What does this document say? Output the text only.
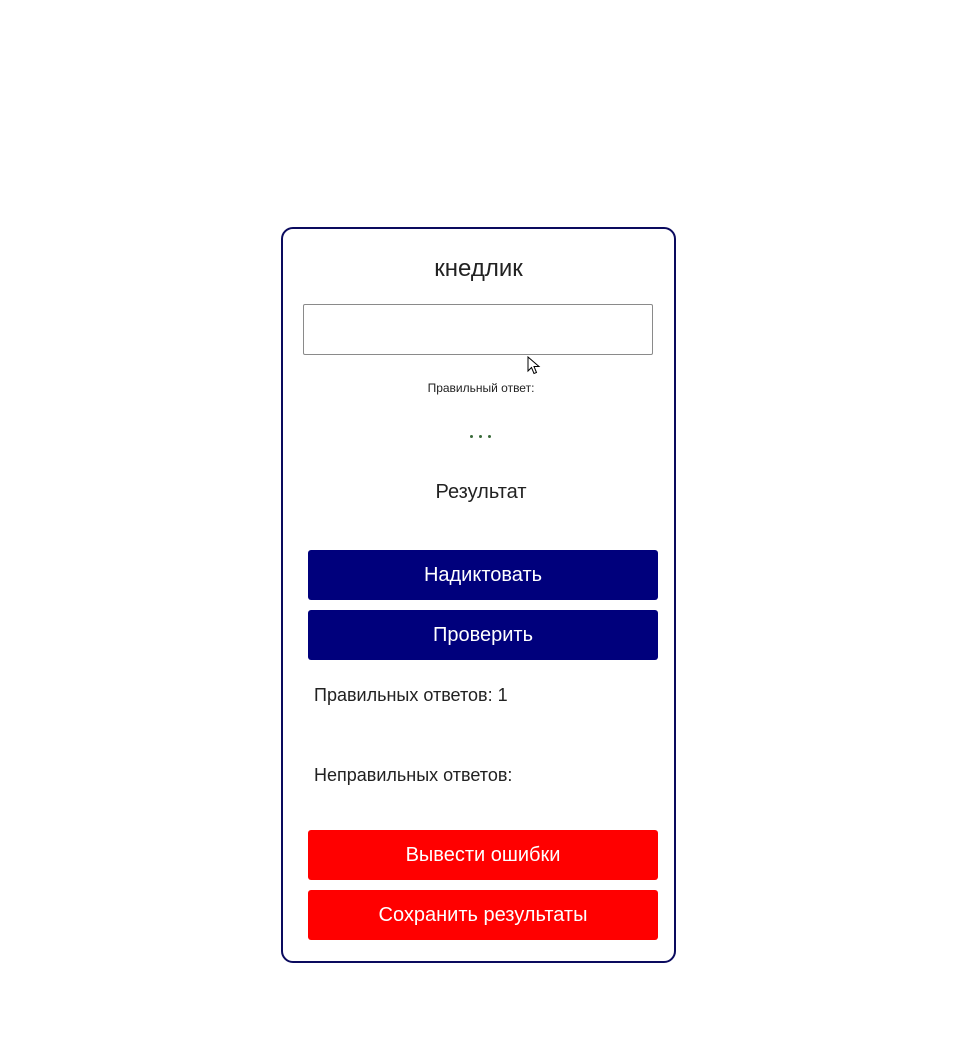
кнедлик
Правильный ответ:
Результат
Надиктовать
Проверить
Правильных ответов: 1
Неправильных ответов:
Вывести ошибки
Сохранить результаты
